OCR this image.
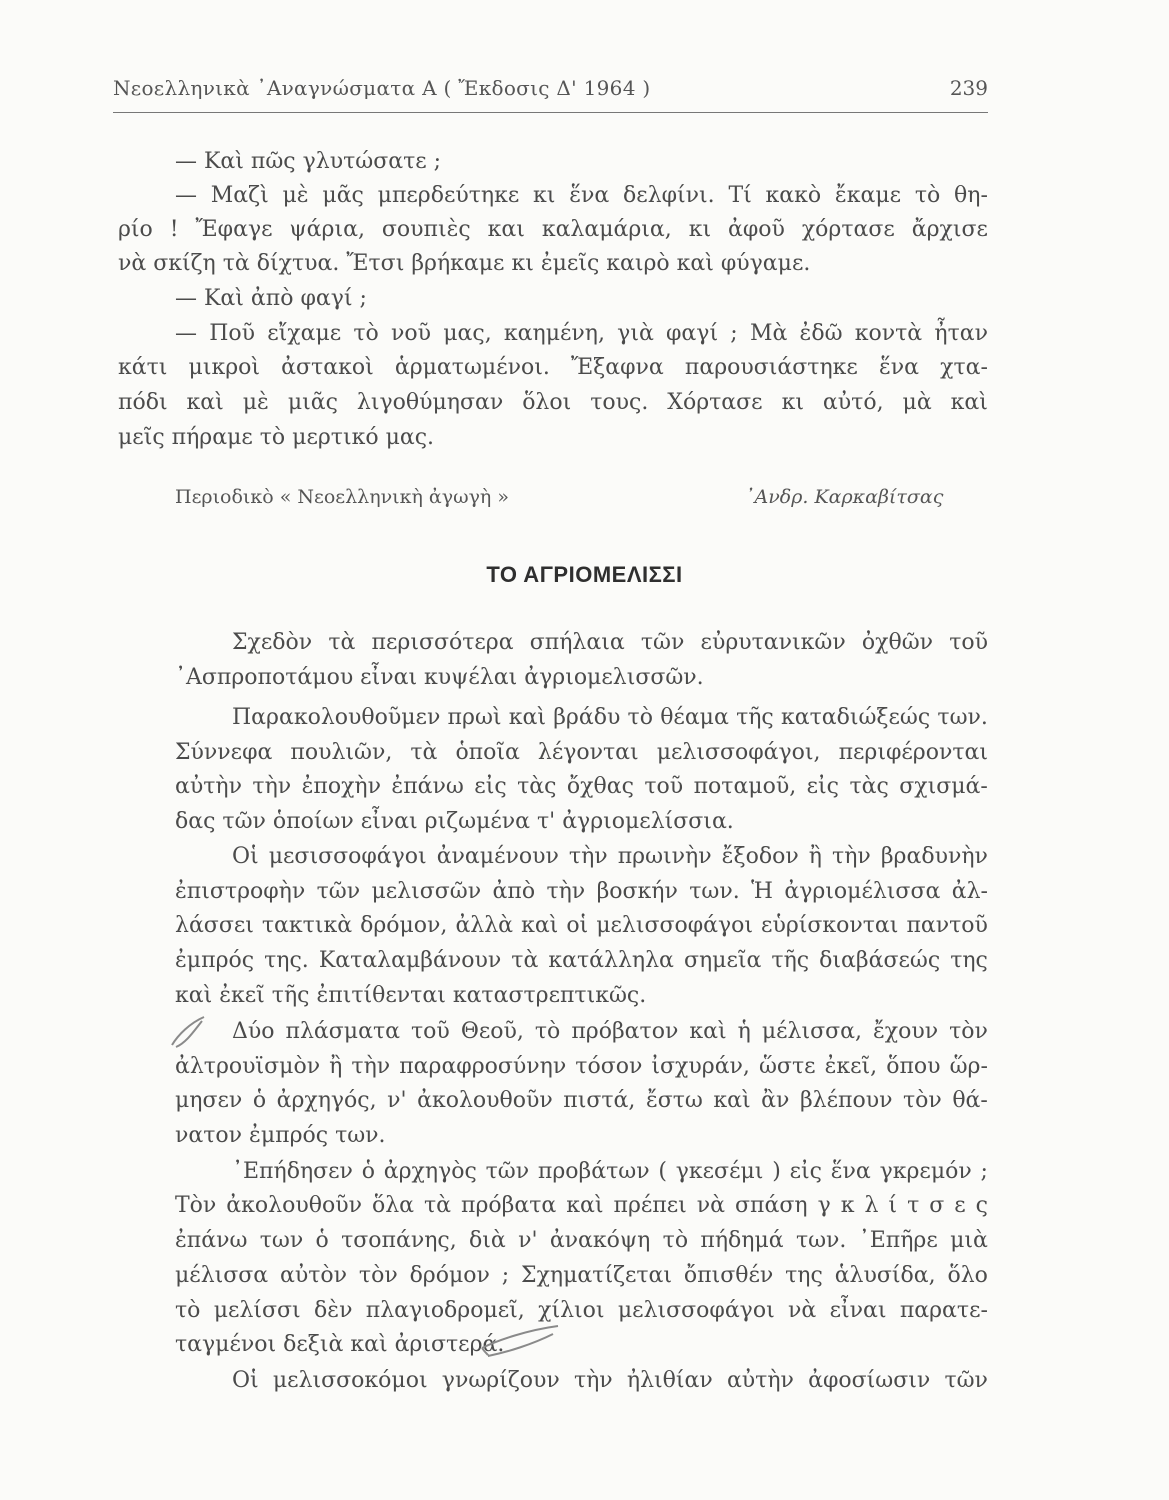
Νεοελληνικὰ ᾿Αναγνώσματα Α ( Ἔκδοσις Δ' 1964 )	239

— Καὶ πῶς γλυτώσατε ;

— Μαζὶ μὲ μᾶς μπερδεύτηκε κι ἕνα δελφίνι. Τί κακὸ ἔκαμε τὸ θη-

ρίο ! Ἔφαγε ψάρια, σουπιὲς και καλαμάρια, κι ἀφοῦ χόρτασε ἄρχισε

νὰ σκίζη τὰ δίχτυα. Ἔτσι βρήκαμε κι ἐμεῖς καιρὸ καὶ φύγαμε.

— Καὶ ἀπὸ φαγί ;

— Ποῦ εἴχαμε τὸ νοῦ μας, καημένη, γιὰ φαγί ; Μὰ ἐδῶ κοντὰ ἦταν

κάτι μικροὶ ἀστακοὶ ἁρματωμένοι. Ἔξαφνα παρουσιάστηκε ἕνα χτα-

πόδι καὶ μὲ μιᾶς λιγοθύμησαν ὅλοι τους. Χόρτασε κι αὐτό, μὰ καὶ

μεῖς πήραμε τὸ μερτικό μας.

Περιοδικὸ « Νεοελληνικὴ ἀγωγὴ »	᾿Ανδρ. Καρκαβίτσας
ΤΟ ΑΓΡΙΟΜΕΛΙΣΣΙ

Σχεδὸν τὰ περισσότερα σπήλαια τῶν εὐρυτανικῶν ὀχθῶν τοῦ

᾿Ασπροποτάμου εἶναι κυψέλαι ἀγριομελισσῶν.

Παρακολουθοῦμεν πρωὶ καὶ βράδυ τὸ θέαμα τῆς καταδιώξεώς των.

Σύννεφα πουλιῶν, τὰ ὁποῖα λέγονται μελισσοφάγοι, περιφέρονται

αὐτὴν τὴν ἐποχὴν ἐπάνω εἰς τὰς ὄχθας τοῦ ποταμοῦ, εἰς τὰς σχισμά-

δας τῶν ὁποίων εἶναι ριζωμένα τ' ἀγριομελίσσια.

Οἱ μεσισσοφάγοι ἀναμένουν τὴν πρωινὴν ἔξοδον ἢ τὴν βραδυνὴν

ἐπιστροφὴν τῶν μελισσῶν ἀπὸ τὴν βοσκήν των. Ἡ ἀγριομέλισσα ἀλ-

λάσσει τακτικὰ δρόμον, ἀλλὰ καὶ οἱ μελισσοφάγοι εὑρίσκονται παντοῦ

ἐμπρός της. Καταλαμβάνουν τὰ κατάλληλα σημεῖα τῆς διαβάσεώς της

καὶ ἐκεῖ τῆς ἐπιτίθενται καταστρεπτικῶς.

Δύο πλάσματα τοῦ Θεοῦ, τὸ πρόβατον καὶ ἡ μέλισσα, ἔχουν τὸν

ἀλτρουϊσμὸν ἢ τὴν παραφροσύνην τόσον ἰσχυράν, ὥστε ἐκεῖ, ὅπου ὥρ-

μησεν ὁ ἀρχηγός, ν' ἀκολουθοῦν πιστά, ἔστω καὶ ἂν βλέπουν τὸν θά-

νατον ἐμπρός των.

᾿Επήδησεν ὁ ἀρχηγὸς τῶν προβάτων ( γκεσέμι ) εἰς ἕνα γκρεμόν ;

Τὸν ἀκολουθοῦν ὅλα τὰ πρόβατα καὶ πρέπει νὰ σπάση γ κ λ ί τ σ ε ς

ἐπάνω των ὁ τσοπάνης, διὰ ν' ἀνακόψη τὸ πήδημά των. ᾿Επῆρε μιὰ

μέλισσα αὐτὸν τὸν δρόμον ; Σχηματίζεται ὄπισθέν της ἁλυσίδα, ὅλο

τὸ μελίσσι δὲν πλαγιοδρομεῖ, χίλιοι μελισσοφάγοι νὰ εἶναι παρατε-

ταγμένοι δεξιὰ καὶ ἀριστερά.

Οἱ μελισσοκόμοι γνωρίζουν τὴν ἠλιθίαν αὐτὴν ἀφοσίωσιν τῶν
